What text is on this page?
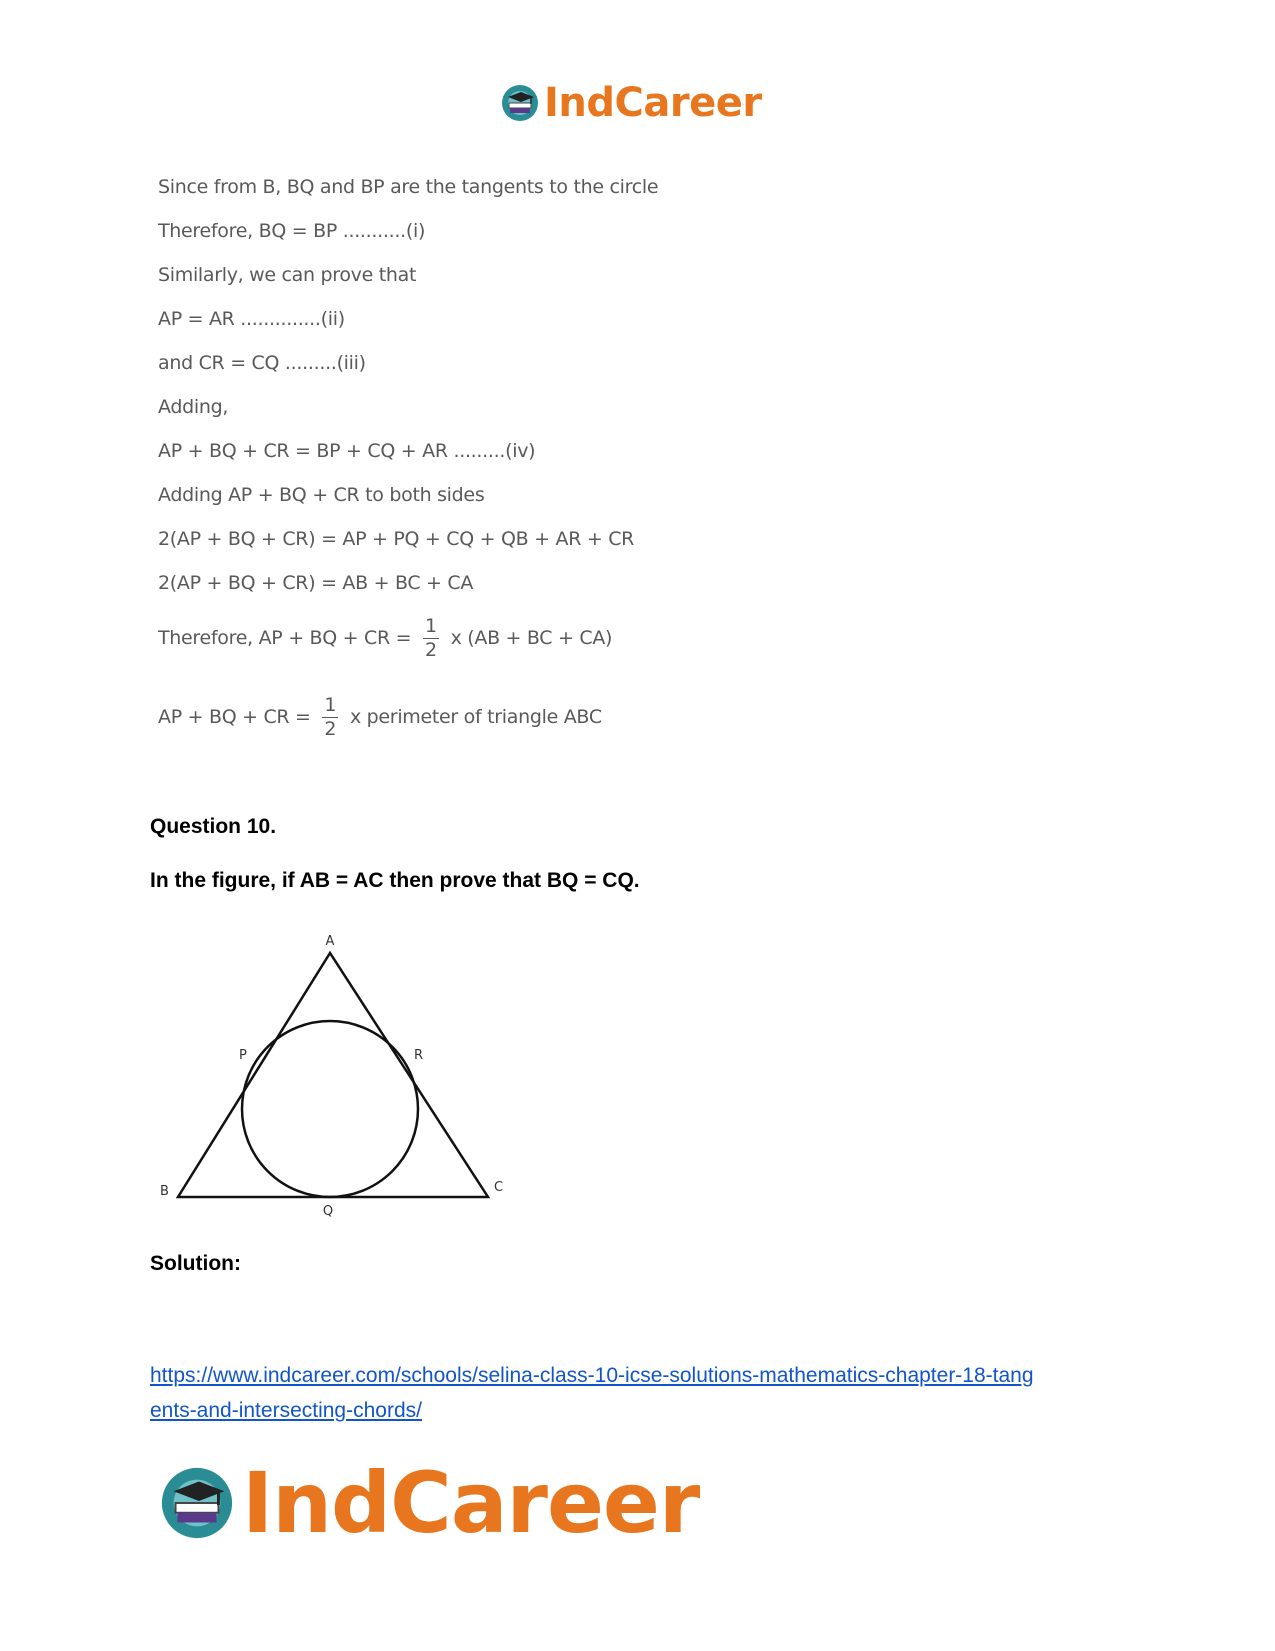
IndCareer
Since from B, BQ and BP are the tangents to the circle
Therefore, BQ = BP ...........(i)
Similarly, we can prove that
AP = AR ..............(ii)
and CR = CQ .........(iii)
Adding,
AP + BQ + CR = BP + CQ + AR .........(iv)
Adding AP + BQ + CR to both sides
2(AP + BQ + CR) = AP + PQ + CQ + QB + AR + CR
2(AP + BQ + CR) = AB + BC + CA
Therefore, AP + BQ + CR = $\frac{1}{2}$ x (AB + BC + CA)
AP + BQ + CR = $\frac{1}{2}$ x perimeter of triangle ABC
Question 10.
In the figure, if AB = AC then prove that BQ = CQ.
A
B	C
P	R
Q
Solution:
https://www.indcareer.com/schools/selina-class-10-icse-solutions-mathematics-chapter-18-tang
ents-and-intersecting-chords/
IndCareer
